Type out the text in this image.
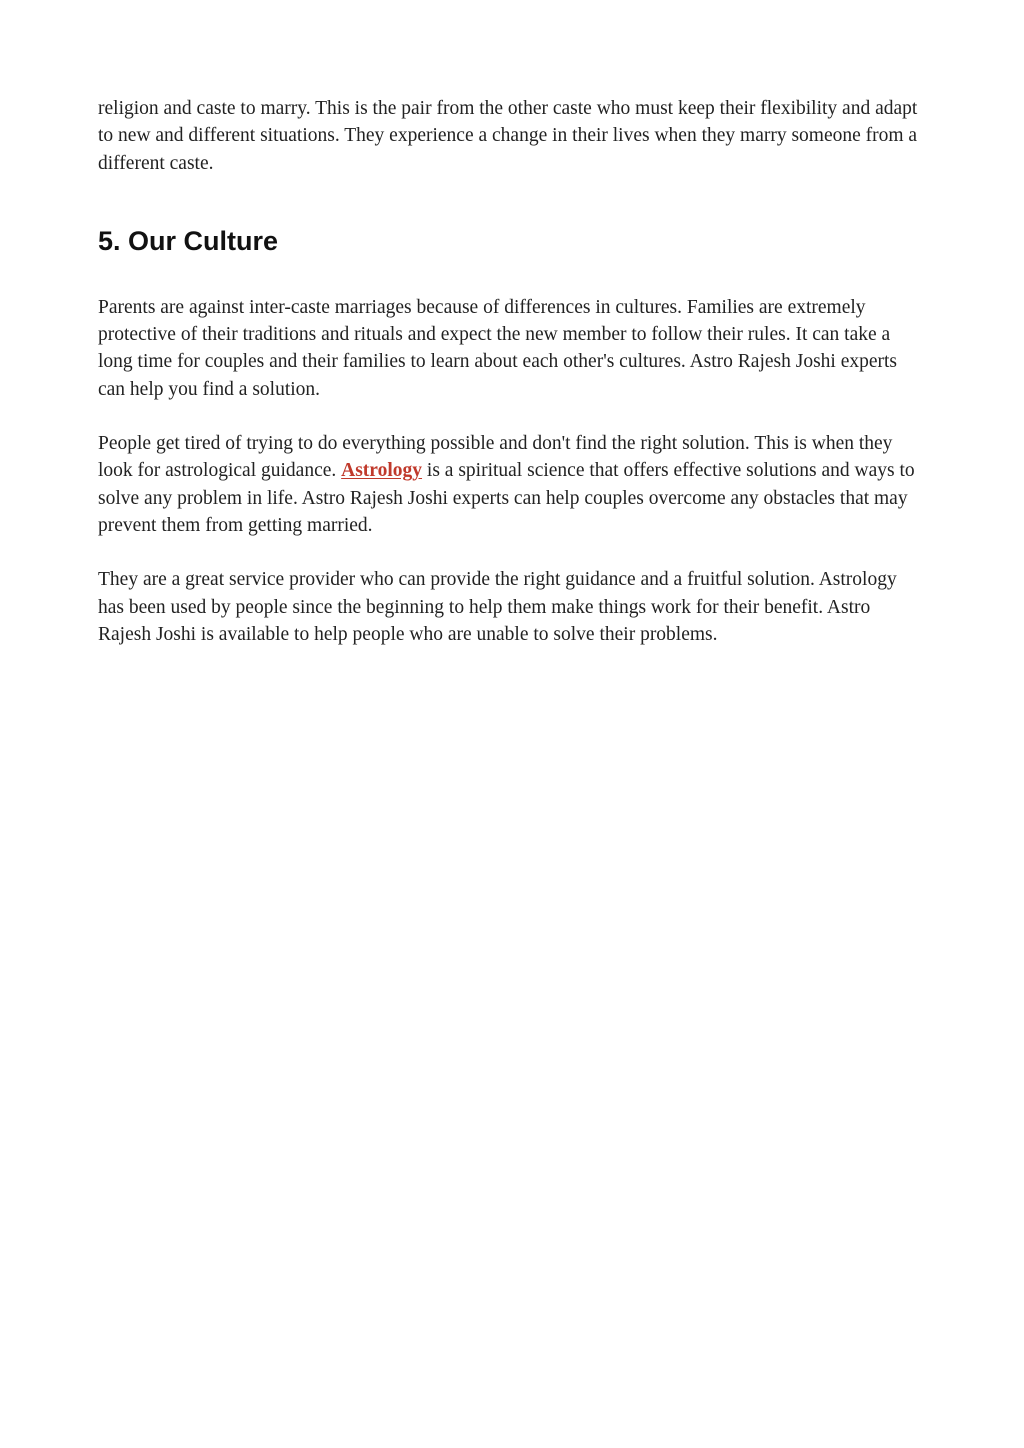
religion and caste to marry. This is the pair from the other caste who must keep their flexibility and adapt to new and different situations. They experience a change in their lives when they marry someone from a different caste.

5. Our Culture

Parents are against inter-caste marriages because of differences in cultures. Families are extremely protective of their traditions and rituals and expect the new member to follow their rules. It can take a long time for couples and their families to learn about each other's cultures. Astro Rajesh Joshi experts can help you find a solution.

People get tired of trying to do everything possible and don't find the right solution. This is when they look for astrological guidance. Astrology is a spiritual science that offers effective solutions and ways to solve any problem in life. Astro Rajesh Joshi experts can help couples overcome any obstacles that may prevent them from getting married.

They are a great service provider who can provide the right guidance and a fruitful solution. Astrology has been used by people since the beginning to help them make things work for their benefit. Astro Rajesh Joshi is available to help people who are unable to solve their problems.
